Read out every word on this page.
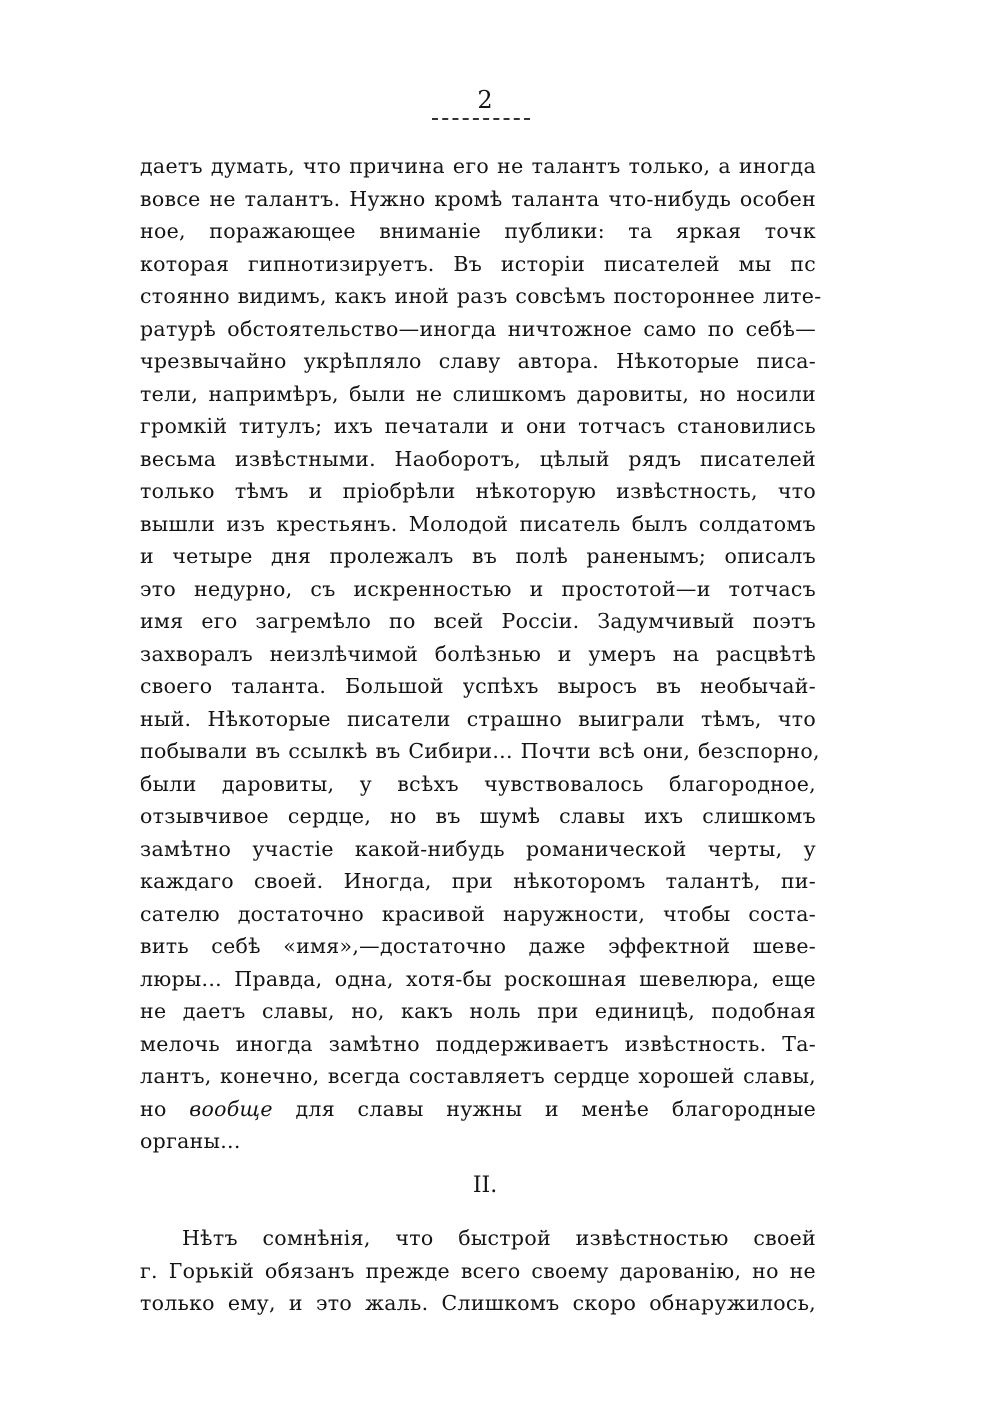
2
даетъ думать, что причина его не талантъ только, а иногда
вовсе не талантъ. Нужно кромѣ таланта что-нибудь особен
ное, поражающее вниманіе публики: та яркая точк
которая гипнотизируетъ. Въ исторіи писателей мы пс
стоянно видимъ, какъ иной разъ совсѣмъ постороннее лите-
ратурѣ обстоятельство—иногда ничтожное само по себѣ—
чрезвычайно укрѣпляло славу автора. Нѣкоторые писа-
тели, напримѣръ, были не слишкомъ даровиты, но носили
громкій титулъ; ихъ печатали и они тотчасъ становились
весьма извѣстными. Наоборотъ, цѣлый рядъ писателей
только тѣмъ и пріобрѣли нѣкоторую извѣстность, что
вышли изъ крестьянъ. Молодой писатель былъ солдатомъ
и четыре дня пролежалъ въ полѣ раненымъ; описалъ
это недурно, съ искренностью и простотой—и тотчасъ
имя его загремѣло по всей Россіи. Задумчивый поэтъ
захворалъ неизлѣчимой болѣзнью и умеръ на расцвѣтѣ
своего таланта. Большой успѣхъ выросъ въ необычай-
ный. Нѣкоторые писатели страшно выиграли тѣмъ, что
побывали въ ссылкѣ въ Сибири... Почти всѣ они, безспорно,
были даровиты, у всѣхъ чувствовалось благородное,
отзывчивое сердце, но въ шумѣ славы ихъ слишкомъ
замѣтно участіе какой-нибудь романической черты, у
каждаго своей. Иногда, при нѣкоторомъ талантѣ, пи-
сателю достаточно красивой наружности, чтобы соста-
вить себѣ «имя»,—достаточно даже эффектной шеве-
люры... Правда, одна, хотя-бы роскошная шевелюра, еще
не даетъ славы, но, какъ ноль при единицѣ, подобная
мелочь иногда замѣтно поддерживаетъ извѣстность. Та-
лантъ, конечно, всегда составляетъ сердце хорошей славы,
но вообще для славы нужны и менѣе благородные
органы...
II.
Нѣтъ сомнѣнія, что быстрой извѣстностью своей
г. Горькій обязанъ прежде всего своему дарованію, но не
только ему, и это жаль. Слишкомъ скоро обнаружилось,
